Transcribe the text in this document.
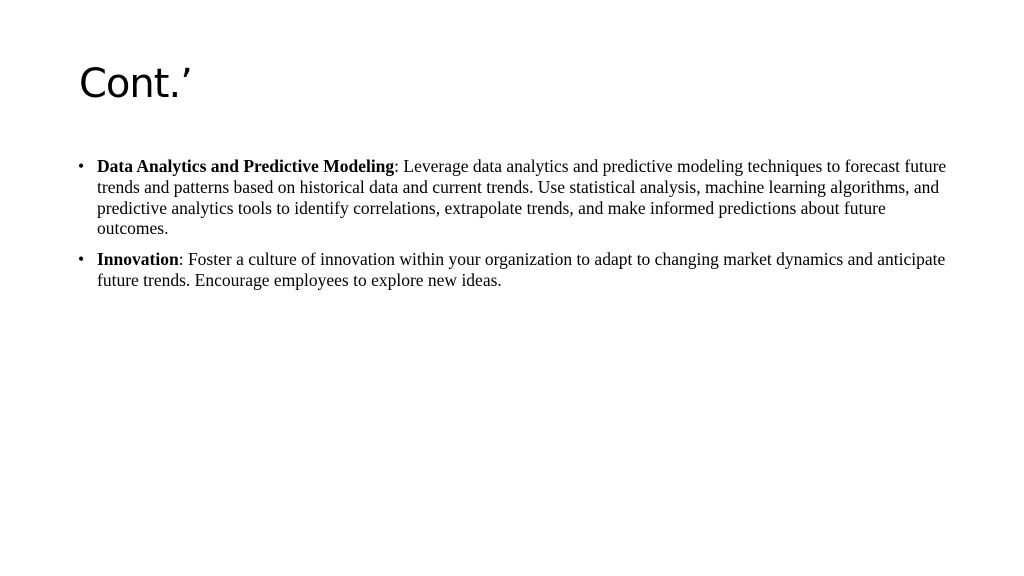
Cont.’
• Data Analytics and Predictive Modeling: Leverage data analytics and predictive modeling techniques to forecast future trends and patterns based on historical data and current trends. Use statistical analysis, machine learning algorithms, and predictive analytics tools to identify correlations, extrapolate trends, and make informed predictions about future outcomes.
• Innovation: Foster a culture of innovation within your organization to adapt to changing market dynamics and anticipate future trends. Encourage employees to explore new ideas.
